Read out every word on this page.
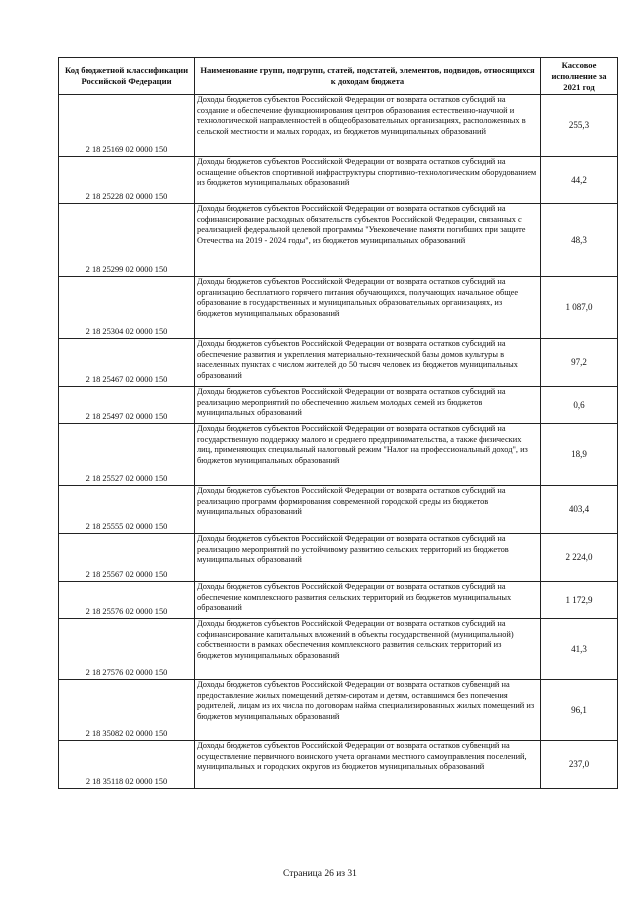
Код бюджетной классификации Российской Федерации	Наименование групп, подгрупп, статей, подстатей, элементов, подвидов, относящихся к доходам бюджета	Кассовое исполнение за 2021 год
2 18 25169 02 0000 150	Доходы бюджетов субъектов Российской Федерации от возврата остатков субсидий на создание и обеспечение функционирования центров образования естественно-научной и технологической направленностей в общеобразовательных организациях, расположенных в сельской местности и малых городах, из бюджетов муниципальных образований	255,3
2 18 25228 02 0000 150	Доходы бюджетов субъектов Российской Федерации от возврата остатков субсидий на оснащение объектов спортивной инфраструктуры спортивно-технологическим оборудованием из бюджетов муниципальных образований	44,2
2 18 25299 02 0000 150	Доходы бюджетов субъектов Российской Федерации от возврата остатков субсидий на софинансирование расходных обязательств субъектов Российской Федерации, связанных с реализацией федеральной целевой программы "Увековечение памяти погибших при защите Отечества на 2019 - 2024 годы", из бюджетов муниципальных образований	48,3
2 18 25304 02 0000 150	Доходы бюджетов субъектов Российской Федерации от возврата остатков субсидий на организацию бесплатного горячего питания обучающихся, получающих начальное общее образование в государственных и муниципальных образовательных организациях, из бюджетов муниципальных образований	1 087,0
2 18 25467 02 0000 150	Доходы бюджетов субъектов Российской Федерации от возврата остатков субсидий на обеспечение развития и укрепления материально-технической базы домов культуры в населенных пунктах с числом жителей до 50 тысяч человек из бюджетов муниципальных образований	97,2
2 18 25497 02 0000 150	Доходы бюджетов субъектов Российской Федерации от возврата остатков субсидий на реализацию мероприятий по обеспечению жильем молодых семей из бюджетов муниципальных образований	0,6
2 18 25527 02 0000 150	Доходы бюджетов субъектов Российской Федерации от возврата остатков субсидий на государственную поддержку малого и среднего предпринимательства, а также физических лиц, применяющих специальный налоговый режим "Налог на профессиональный доход", из бюджетов муниципальных образований	18,9
2 18 25555 02 0000 150	Доходы бюджетов субъектов Российской Федерации от возврата остатков субсидий на реализацию программ формирования современной городской среды из бюджетов муниципальных образований	403,4
2 18 25567 02 0000 150	Доходы бюджетов субъектов Российской Федерации от возврата остатков субсидий на реализацию мероприятий по устойчивому развитию сельских территорий из бюджетов муниципальных образований	2 224,0
2 18 25576 02 0000 150	Доходы бюджетов субъектов Российской Федерации от возврата остатков субсидий на обеспечение комплексного развития сельских территорий из бюджетов муниципальных образований	1 172,9
2 18 27576 02 0000 150	Доходы бюджетов субъектов Российской Федерации от возврата остатков субсидий на софинансирование капитальных вложений в объекты государственной (муниципальной) собственности в рамках обеспечения комплексного развития сельских территорий из бюджетов муниципальных образований	41,3
2 18 35082 02 0000 150	Доходы бюджетов субъектов Российской Федерации от возврата остатков субвенций на предоставление жилых помещений детям-сиротам и детям, оставшимся без попечения родителей, лицам из их числа по договорам найма специализированных жилых помещений из бюджетов муниципальных образований	96,1
2 18 35118 02 0000 150	Доходы бюджетов субъектов Российской Федерации от возврата остатков субвенций на осуществление первичного воинского учета органами местного самоуправления поселений, муниципальных и городских округов из бюджетов муниципальных образований	237,0
Страница 26 из 31
